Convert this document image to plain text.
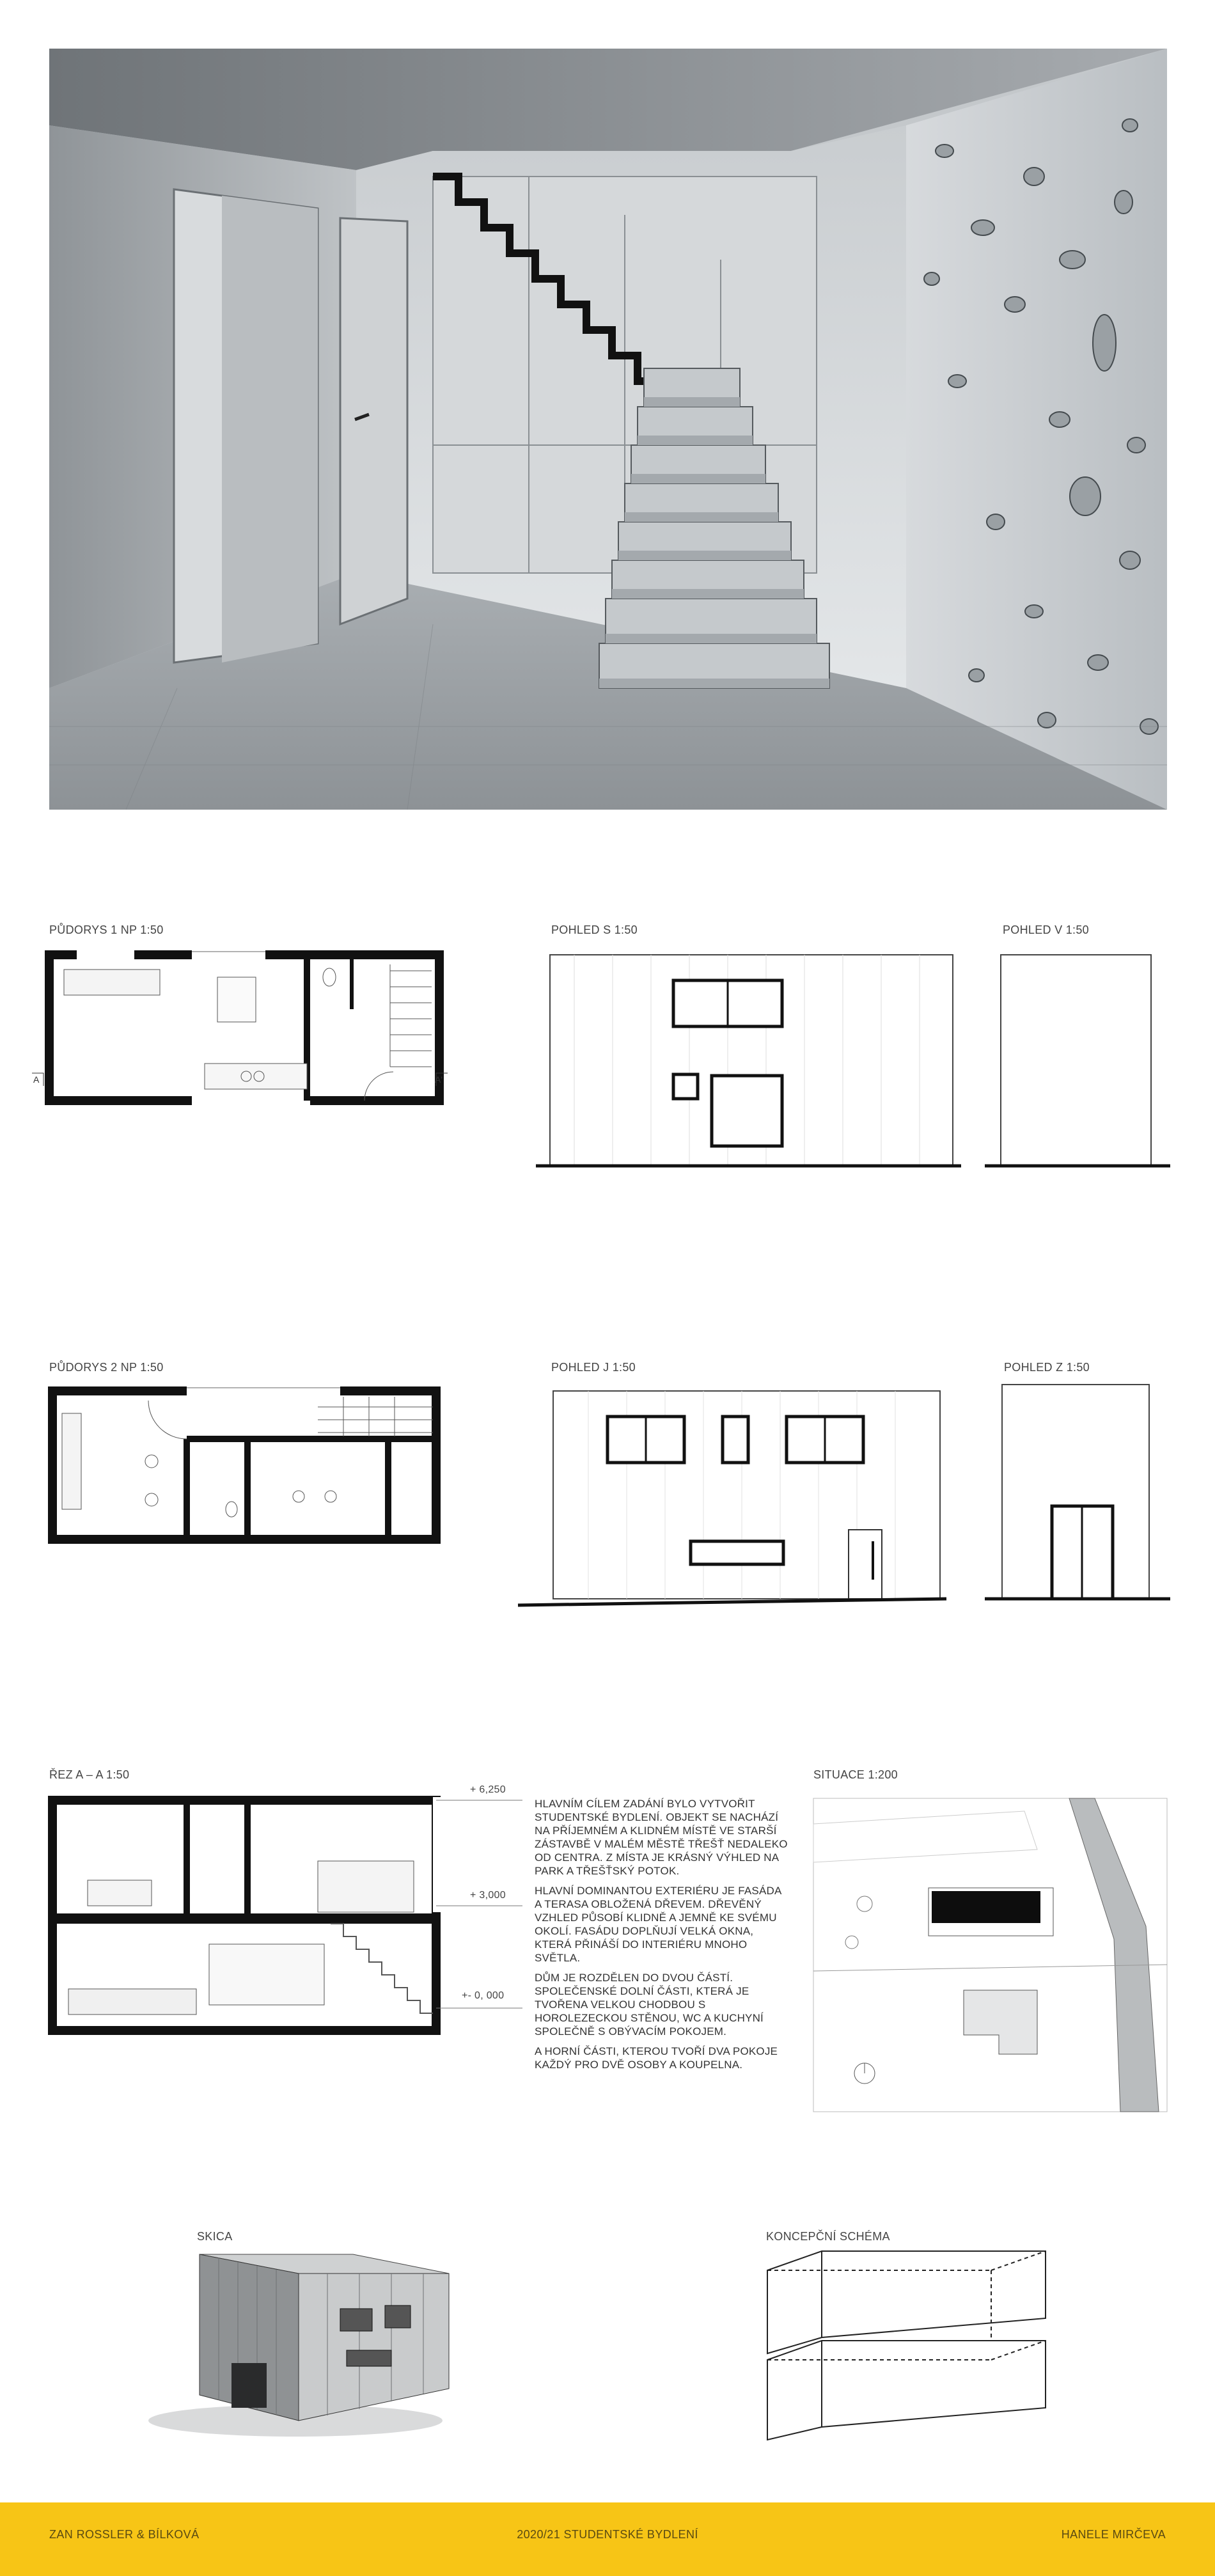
PŮDORYS 1 NP 1:50	POHLED S 1:50	POHLED V 1:50
PŮDORYS 2 NP 1:50	POHLED J 1:50	POHLED Z 1:50
ŘEZ A – A 1:50	SITUACE 1:200
SKICA	KONCEPČNÍ SCHÉMA
A	A'
+ 6,250
+ 3,000
+- 0, 000

HLAVNÍM CÍLEM ZADÁNÍ BYLO VYTVOŘIT STUDENTSKÉ BYDLENÍ. OBJEKT SE NACHÁZÍ NA PŘÍJEMNÉM A KLIDNÉM MÍSTĚ VE STARŠÍ ZÁSTAVBĚ V MALÉM MĚSTĚ TŘEŠŤ NEDALEKO OD CENTRA. Z MÍSTA JE KRÁSNÝ VÝHLED NA PARK A TŘEŠŤSKÝ POTOK.

HLAVNÍ DOMINANTOU EXTERIÉRU JE FASÁDA A TERASA OBLOŽENÁ DŘEVEM. DŘEVĚNÝ VZHLED PŮSOBÍ KLIDNĚ A JEMNĚ KE SVÉMU OKOLÍ. FASÁDU DOPLŇUJÍ VELKÁ OKNA, KTERÁ PŘINÁŠÍ DO INTERIÉRU MNOHO SVĚTLA.

DŮM JE ROZDĚLEN DO DVOU ČÁSTÍ. SPOLEČENSKÉ DOLNÍ ČÁSTI, KTERÁ JE TVOŘENA VELKOU CHODBOU S HOROLEZECKOU STĚNOU, WC A KUCHYNÍ SPOLEČNĚ S OBÝVACÍM POKOJEM.

A HORNÍ ČÁSTI, KTEROU TVOŘÍ DVA POKOJE KAŽDÝ PRO DVĚ OSOBY A KOUPELNA.

ZAN ROSSLER & BÍLKOVÁ	2020/21 STUDENTSKÉ BYDLENÍ	HANELE MIRČEVA
